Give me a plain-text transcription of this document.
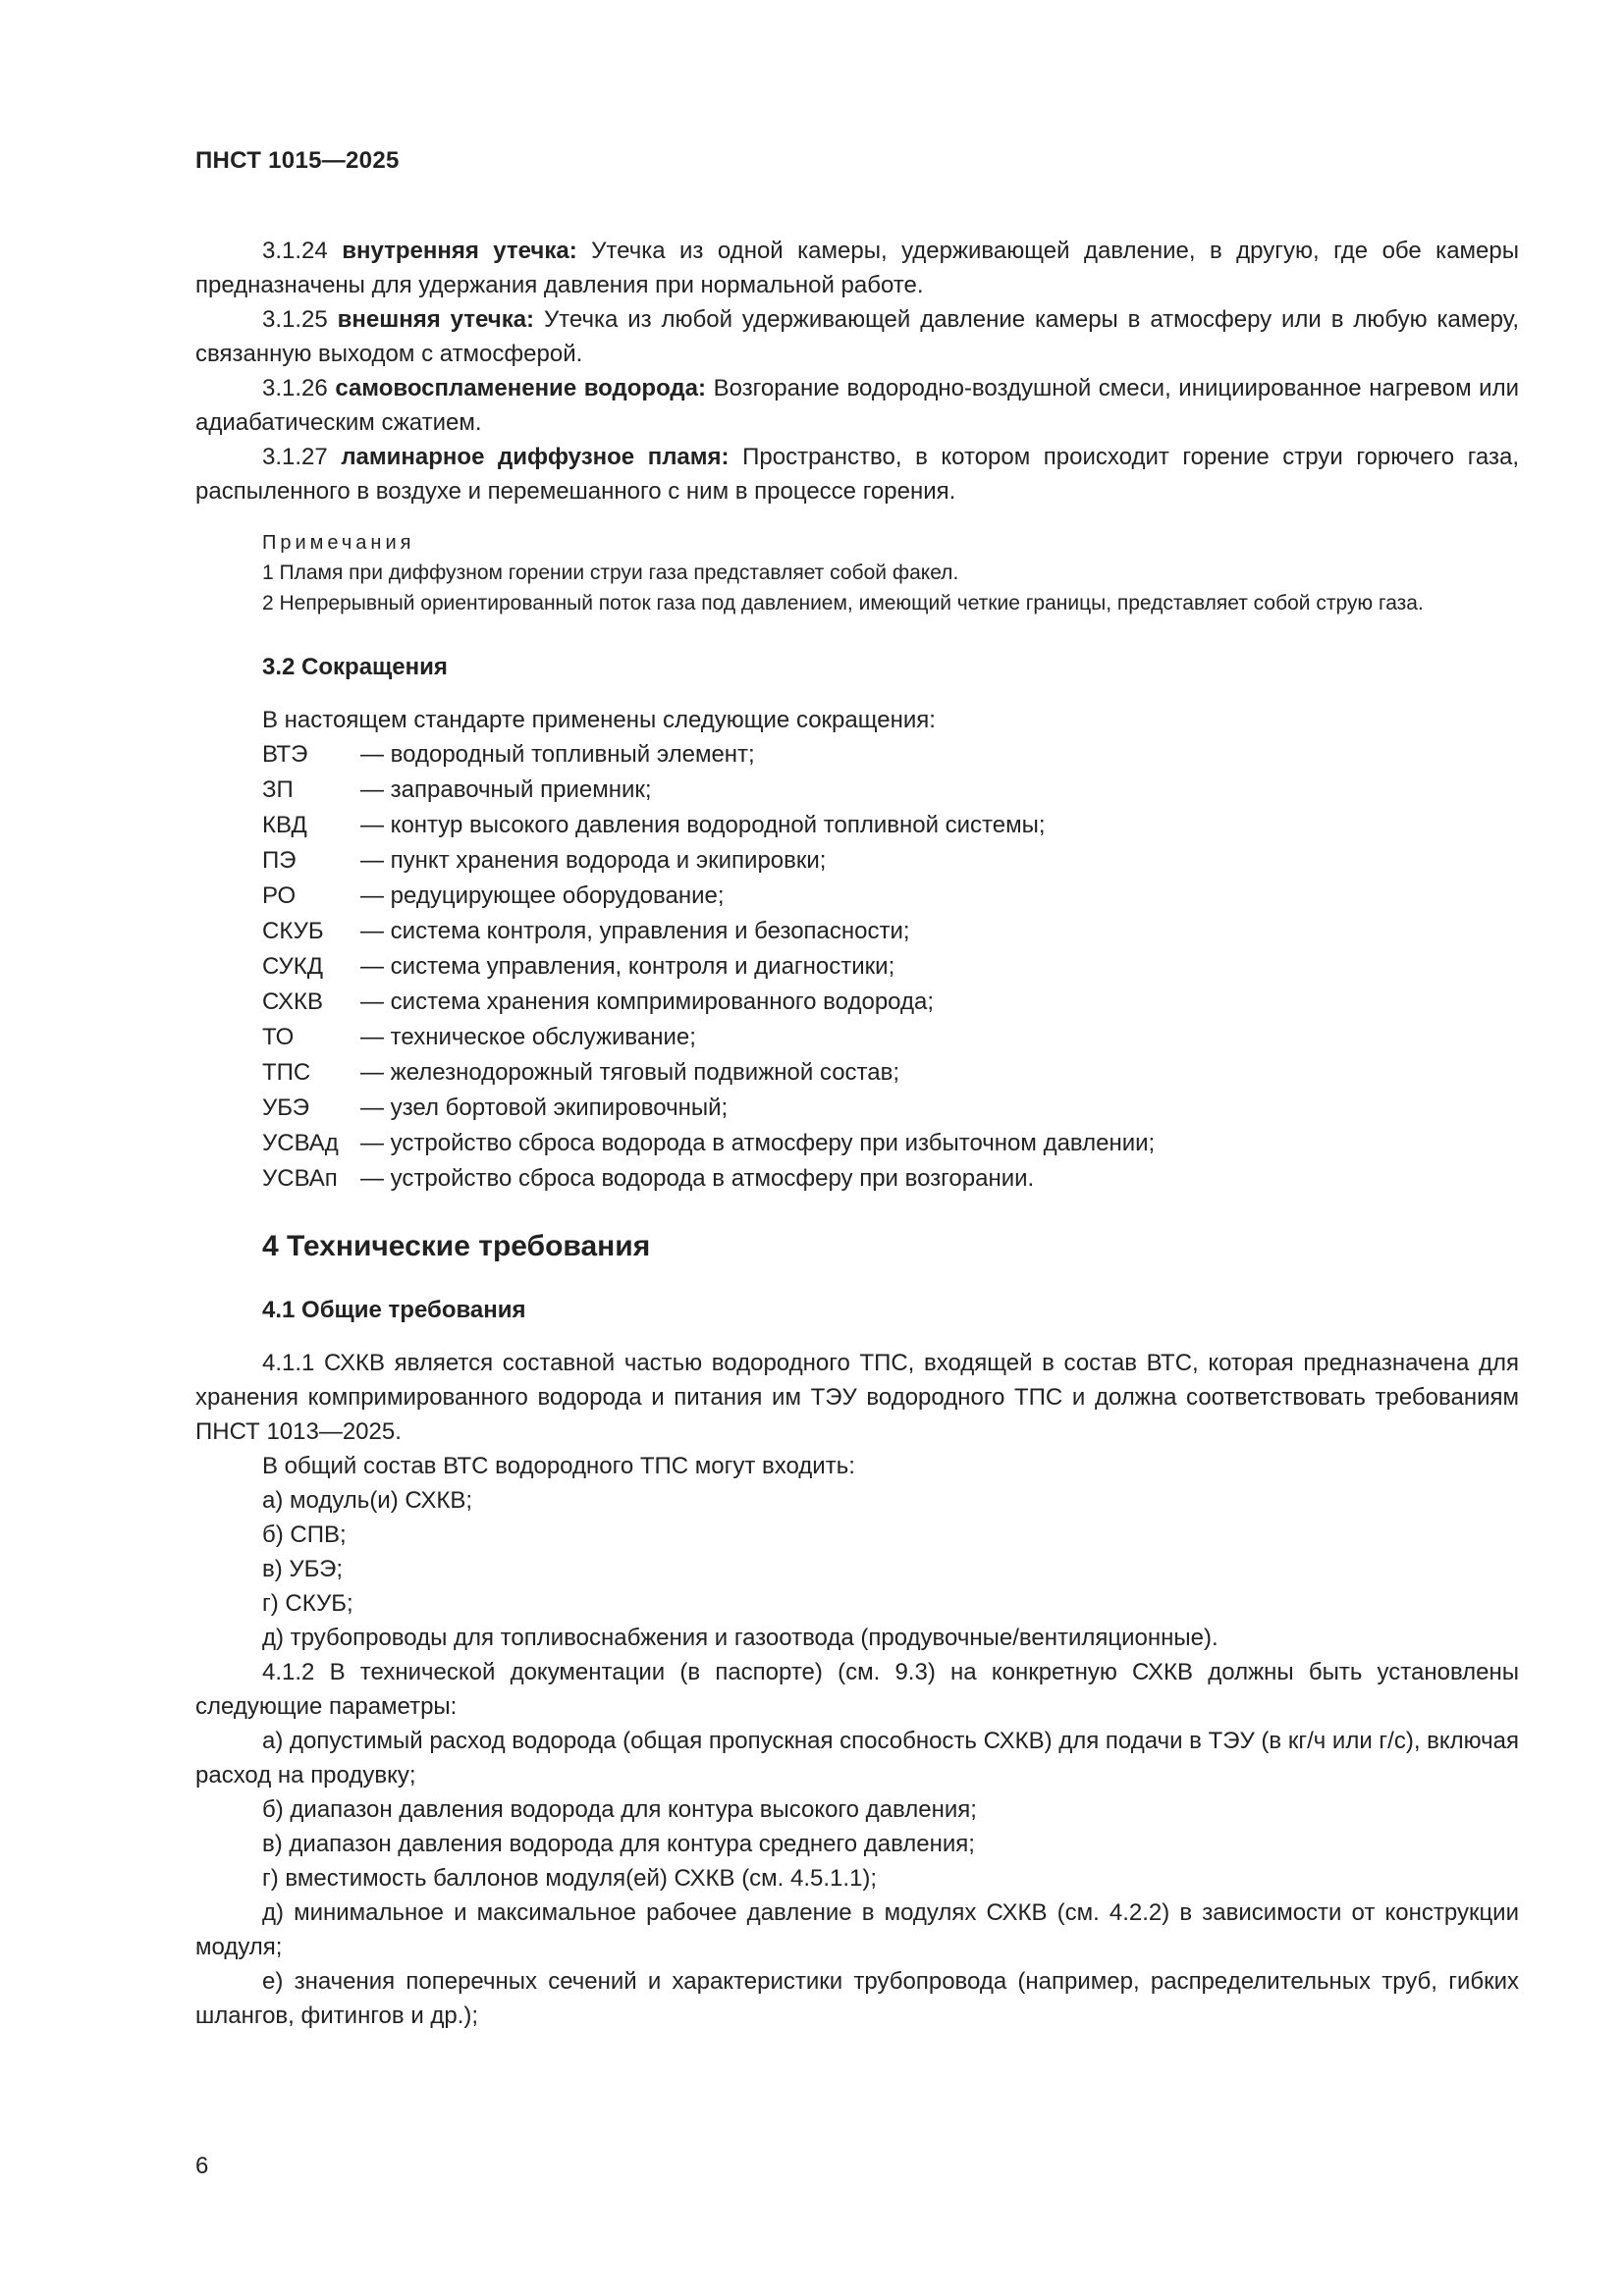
ПНСТ 1015—2025

3.1.24 внутренняя утечка: Утечка из одной камеры, удерживающей давление, в другую, где обе камеры предназначены для удержания давления при нормальной работе.

3.1.25 внешняя утечка: Утечка из любой удерживающей давление камеры в атмосферу или в любую камеру, связанную выходом с атмосферой.

3.1.26 самовоспламенение водорода: Возгорание водородно-воздушной смеси, инициированное нагревом или адиабатическим сжатием.

3.1.27 ламинарное диффузное пламя: Пространство, в котором происходит горение струи горючего газа, распыленного в воздухе и перемешанного с ним в процессе горения.

Примечания

1 Пламя при диффузном горении струи газа представляет собой факел.

2 Непрерывный ориентированный поток газа под давлением, имеющий четкие границы, представляет собой струю газа.

3.2 Сокращения

В настоящем стандарте применены следующие сокращения:

ВТЭ	— водородный топливный элемент;
ЗП	— заправочный приемник;
КВД	— контур высокого давления водородной топливной системы;
ПЭ	— пункт хранения водорода и экипировки;
РО	— редуцирующее оборудование;
СКУБ	— система контроля, управления и безопасности;
СУКД	— система управления, контроля и диагностики;
СХКВ	— система хранения компримированного водорода;
ТО	— техническое обслуживание;
ТПС	— железнодорожный тяговый подвижной состав;
УБЭ	— узел бортовой экипировочный;
УСВАд — устройство сброса водорода в атмосферу при избыточном давлении;
УСВАп — устройство сброса водорода в атмосферу при возгорании.
4 Технические требования
4.1 Общие требования

4.1.1 СХКВ является составной частью водородного ТПС, входящей в состав ВТС, которая предназначена для хранения компримированного водорода и питания им ТЭУ водородного ТПС и должна соответствовать требованиям ПНСТ 1013—2025.

В общий состав ВТС водородного ТПС могут входить:

а) модуль(и) СХКВ;

б) СПВ;

в) УБЭ;

г) СКУБ;

д) трубопроводы для топливоснабжения и газоотвода (продувочные/вентиляционные).

4.1.2 В технической документации (в паспорте) (см. 9.3) на конкретную СХКВ должны быть установлены следующие параметры:

а) допустимый расход водорода (общая пропускная способность СХКВ) для подачи в ТЭУ (в кг/ч или г/с), включая расход на продувку;

б) диапазон давления водорода для контура высокого давления;

в) диапазон давления водорода для контура среднего давления;

г) вместимость баллонов модуля(ей) СХКВ (см. 4.5.1.1);

д) минимальное и максимальное рабочее давление в модулях СХКВ (см. 4.2.2) в зависимости от конструкции модуля;

е) значения поперечных сечений и характеристики трубопровода (например, распределительных труб, гибких шлангов, фитингов и др.);

6
